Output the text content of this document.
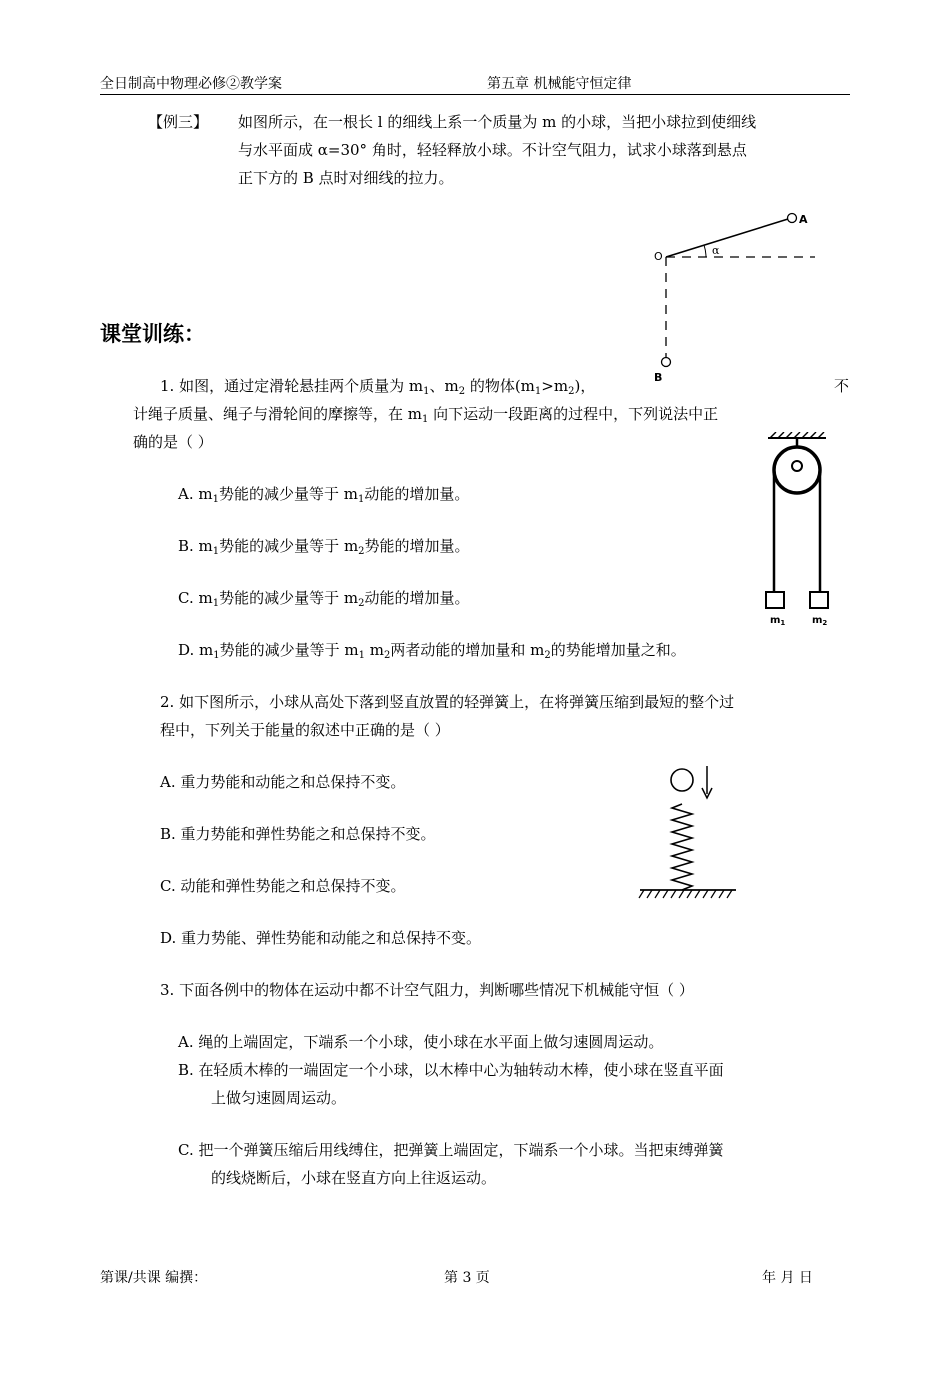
全日制高中物理必修②教学案	第五章 机械能守恒定律
【例三】 如图所示，在一根长 l 的细线上系一个质量为 m 的小球，当把小球拉到使细线
与水平面成 α=30° 角时，轻轻释放小球。不计空气阻力，试求小球落到悬点
正下方的 B 点时对细线的拉力。
O
A
B
α
课堂训练：
1. 如图，通过定滑轮悬挂两个质量为 $m_1$、$m_2$ 的物体$(m_1>m_2)$，	不
计绳子质量、绳子与滑轮间的摩擦等，在 $m_1$ 向下运动一段距离的过程中，下列说法中正
确的是（ ）
A. $m_1$势能的减少量等于 $m_1$动能的增加量。
B. $m_1$势能的减少量等于 $m_2$势能的增加量。
C. $m_1$势能的减少量等于 $m_2$动能的增加量。
D. $m_1$势能的减少量等于 $m_1$ $m_2$两者动能的增加量和 $m_2$的势能增加量之和。
$m_1$	$m_2$
2. 如下图所示，小球从高处下落到竖直放置的轻弹簧上，在将弹簧压缩到最短的整个过
程中，下列关于能量的叙述中正确的是（ ）
A. 重力势能和动能之和总保持不变。
B. 重力势能和弹性势能之和总保持不变。
C. 动能和弹性势能之和总保持不变。
D. 重力势能、弹性势能和动能之和总保持不变。
3. 下面各例中的物体在运动中都不计空气阻力，判断哪些情况下机械能守恒（ ）
A. 绳的上端固定，下端系一个小球，使小球在水平面上做匀速圆周运动。
B. 在轻质木棒的一端固定一个小球，以木棒中心为轴转动木棒，使小球在竖直平面
上做匀速圆周运动。
C. 把一个弹簧压缩后用线缚住，把弹簧上端固定，下端系一个小球。当把束缚弹簧
的线烧断后，小球在竖直方向上往返运动。
第课/共课 编撰：	第 3 页	年 月 日
